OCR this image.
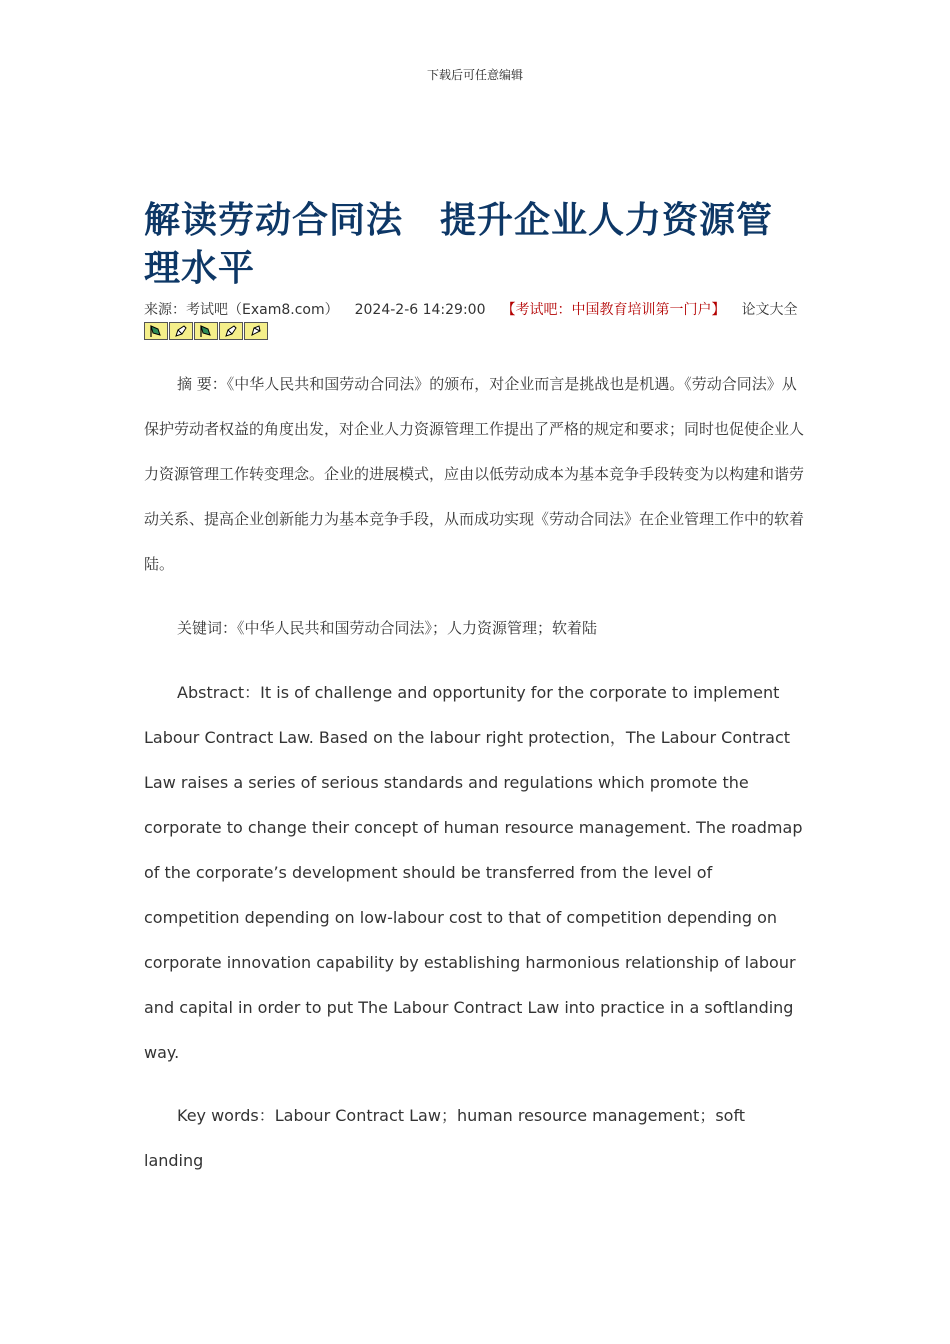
下载后可任意编辑
解读劳动合同法　提升企业人力资源管理水平
来源：考试吧（Exam8.com） 2024-2-6 14:29:00 【考试吧：中国教育培训第一门户】 论文大全

摘 要：《中华人民共和国劳动合同法》的颁布，对企业而言是挑战也是机遇。《劳动合同法》从保护劳动者权益的角度出发，对企业人力资源管理工作提出了严格的规定和要求；同时也促使企业人力资源管理工作转变理念。企业的进展模式，应由以低劳动成本为基本竞争手段转变为以构建和谐劳动关系、提高企业创新能力为基本竞争手段，从而成功实现《劳动合同法》在企业管理工作中的软着陆。

关键词：《中华人民共和国劳动合同法》；人力资源管理；软着陆

Abstract：It is of challenge and opportunity for the corporate to implement Labour Contract Law. Based on the labour right protection，The Labour Contract Law raises a series of serious standards and regulations which promote the corporate to change their concept of human resource management. The roadmap of the corporate’s development should be transferred from the level of competition depending on low-labour cost to that of competition depending on corporate innovation capability by establishing harmonious relationship of labour and capital in order to put The Labour Contract Law into practice in a softlanding way.

Key words：Labour Contract Law；human resource management；soft landing
